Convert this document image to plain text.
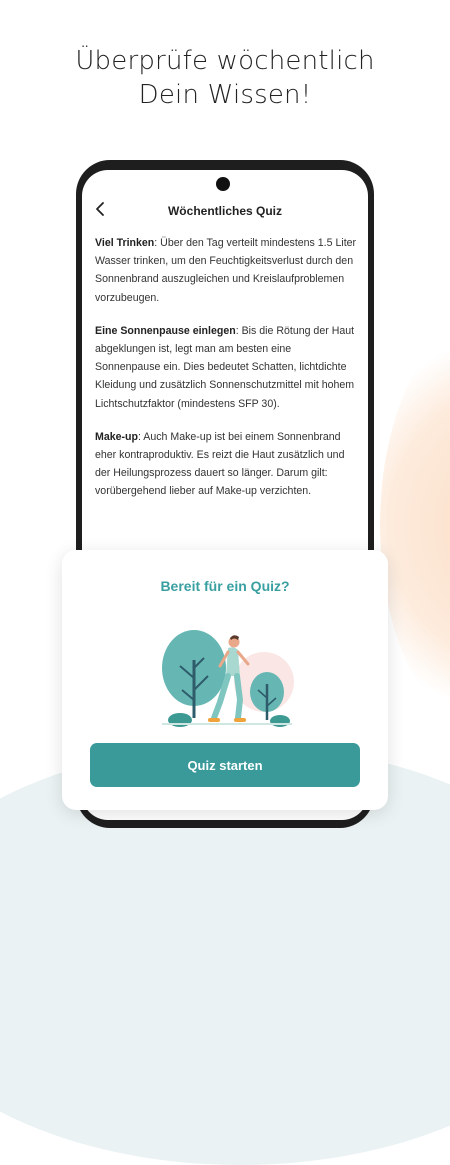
Überprüfe wöchentlich
Dein Wissen!
Wöchentliches Quiz

Viel Trinken: Über den Tag verteilt mindestens 1.5 Liter Wasser trinken, um den Feuchtigkeitsverlust durch den Sonnenbrand auszugleichen und Kreislaufproblemen vorzubeugen.

Eine Sonnenpause einlegen: Bis die Rötung der Haut abgeklungen ist, legt man am besten eine Sonnenpause ein. Dies bedeutet Schatten, lichtdichte Kleidung und zusätzlich Sonnenschutzmittel mit hohem Lichtschutzfaktor (mindestens SFP 30).

Make-up: Auch Make-up ist bei einem Sonnenbrand eher kontraproduktiv. Es reizt die Haut zusätzlich und der Heilungsprozess dauert so länger. Darum gilt: vorübergehend lieber auf Make-up verzichten.

Bereit für ein Quiz?
Quiz starten
